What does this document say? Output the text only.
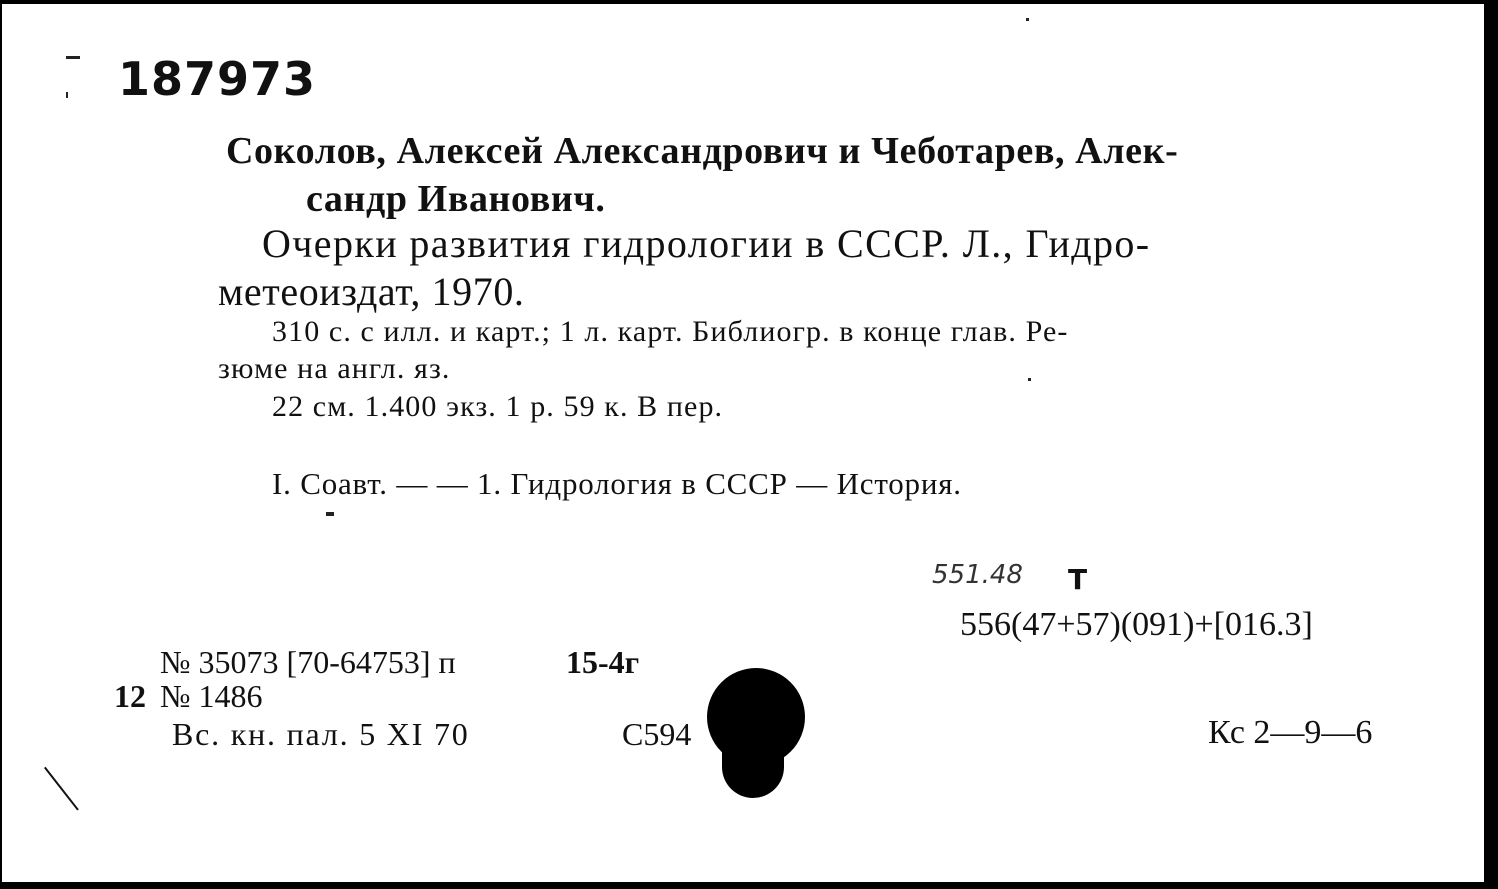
187973
Соколов, Алексей Александрович и Чеботарев, Алек-
сандр Иванович.
Очерки развития гидрологии в СССР. Л., Гидро-
метеоиздат, 1970.
310 с. с илл. и карт.; 1 л. карт. Библиогр. в конце глав. Ре-
зюме на англ. яз.
22 см. 1.400 экз. 1 р. 59 к. В пер.
I. Соавт. — — 1. Гидрология в СССР — История.
551.48 Т
556(47+57)(091)+[016.3]
№ 35073 [70-64753] п	15-4г
12 № 1486
Вс. кн. пал. 5 XI 70	С594	Кс 2—9—6
